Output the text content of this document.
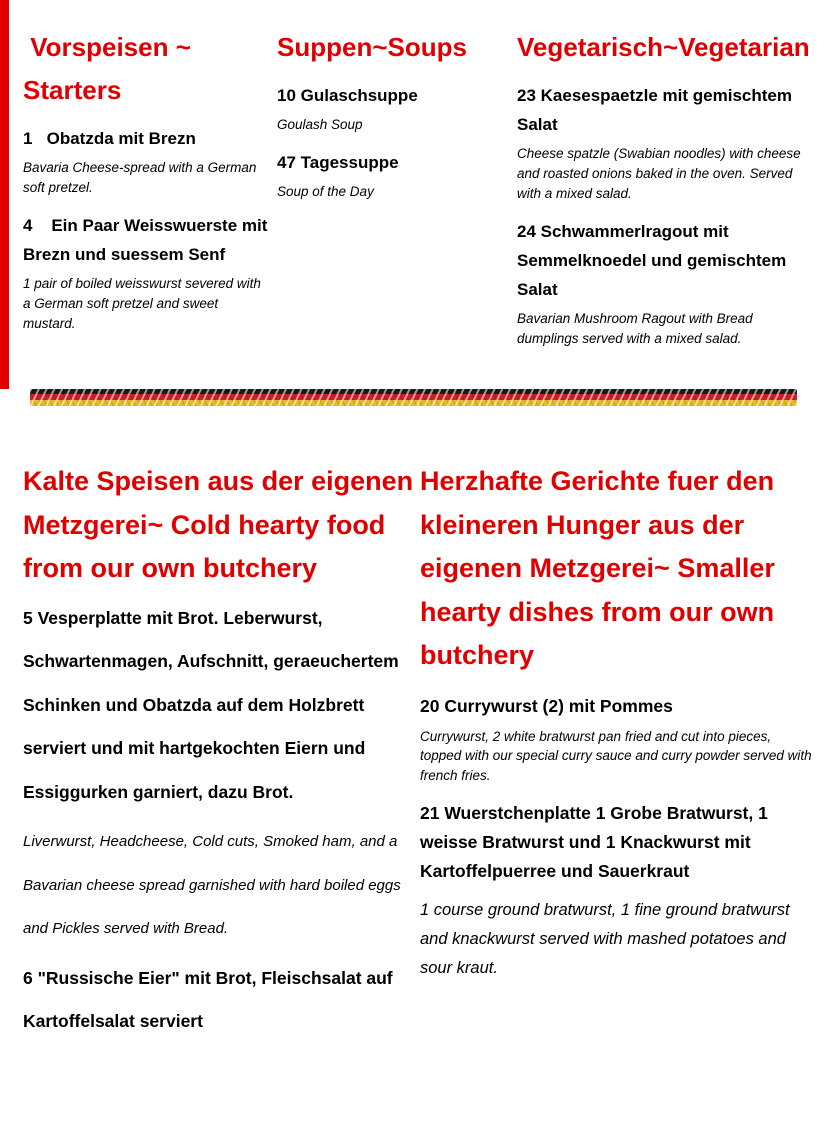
Vorspeisen ~ Starters

1   Obatzda mit Brezn

Bavaria Cheese-spread with a German soft pretzel.

4    Ein Paar Weisswuerste mit Brezn und suessem Senf

1 pair of boiled weisswurst severed with a German soft pretzel and sweet mustard.

Suppen~Soups

10 Gulaschsuppe

Goulash Soup

47 Tagessuppe

Soup of the Day

Vegetarisch~Vegetarian

23 Kaesespaetzle mit gemischtem Salat

Cheese spatzle (Swabian noodles) with cheese and roasted onions baked in the oven. Served with a mixed salad.

24 Schwammerlragout mit Semmelknoedel und gemischtem Salat

Bavarian Mushroom Ragout with Bread dumplings served with a mixed salad.

Kalte Speisen aus der eigenen Metzgerei~ Cold hearty food from our own butchery

5 Vesperplatte mit Brot. Leberwurst, Schwartenmagen, Aufschnitt, geraeuchertem Schinken und Obatzda auf dem Holzbrett serviert und mit hartgekochten Eiern und Essiggurken garniert, dazu Brot.

Liverwurst, Headcheese, Cold cuts, Smoked ham, and a Bavarian cheese spread garnished with hard boiled eggs and Pickles served with Bread.

6 "Russische Eier" mit Brot, Fleischsalat auf Kartoffelsalat serviert

Herzhafte Gerichte fuer den kleineren Hunger aus der eigenen Metzgerei~ Smaller hearty dishes from our own butchery

20 Currywurst (2) mit Pommes

Currywurst, 2 white bratwurst pan fried and cut into pieces, topped with our special curry sauce and curry powder served with french fries.

21 Wuerstchenplatte 1 Grobe Bratwurst, 1 weisse Bratwurst und 1 Knackwurst mit Kartoffelpuerree und Sauerkraut

1 course ground bratwurst, 1 fine ground bratwurst and knackwurst served with mashed potatoes and sour kraut.
